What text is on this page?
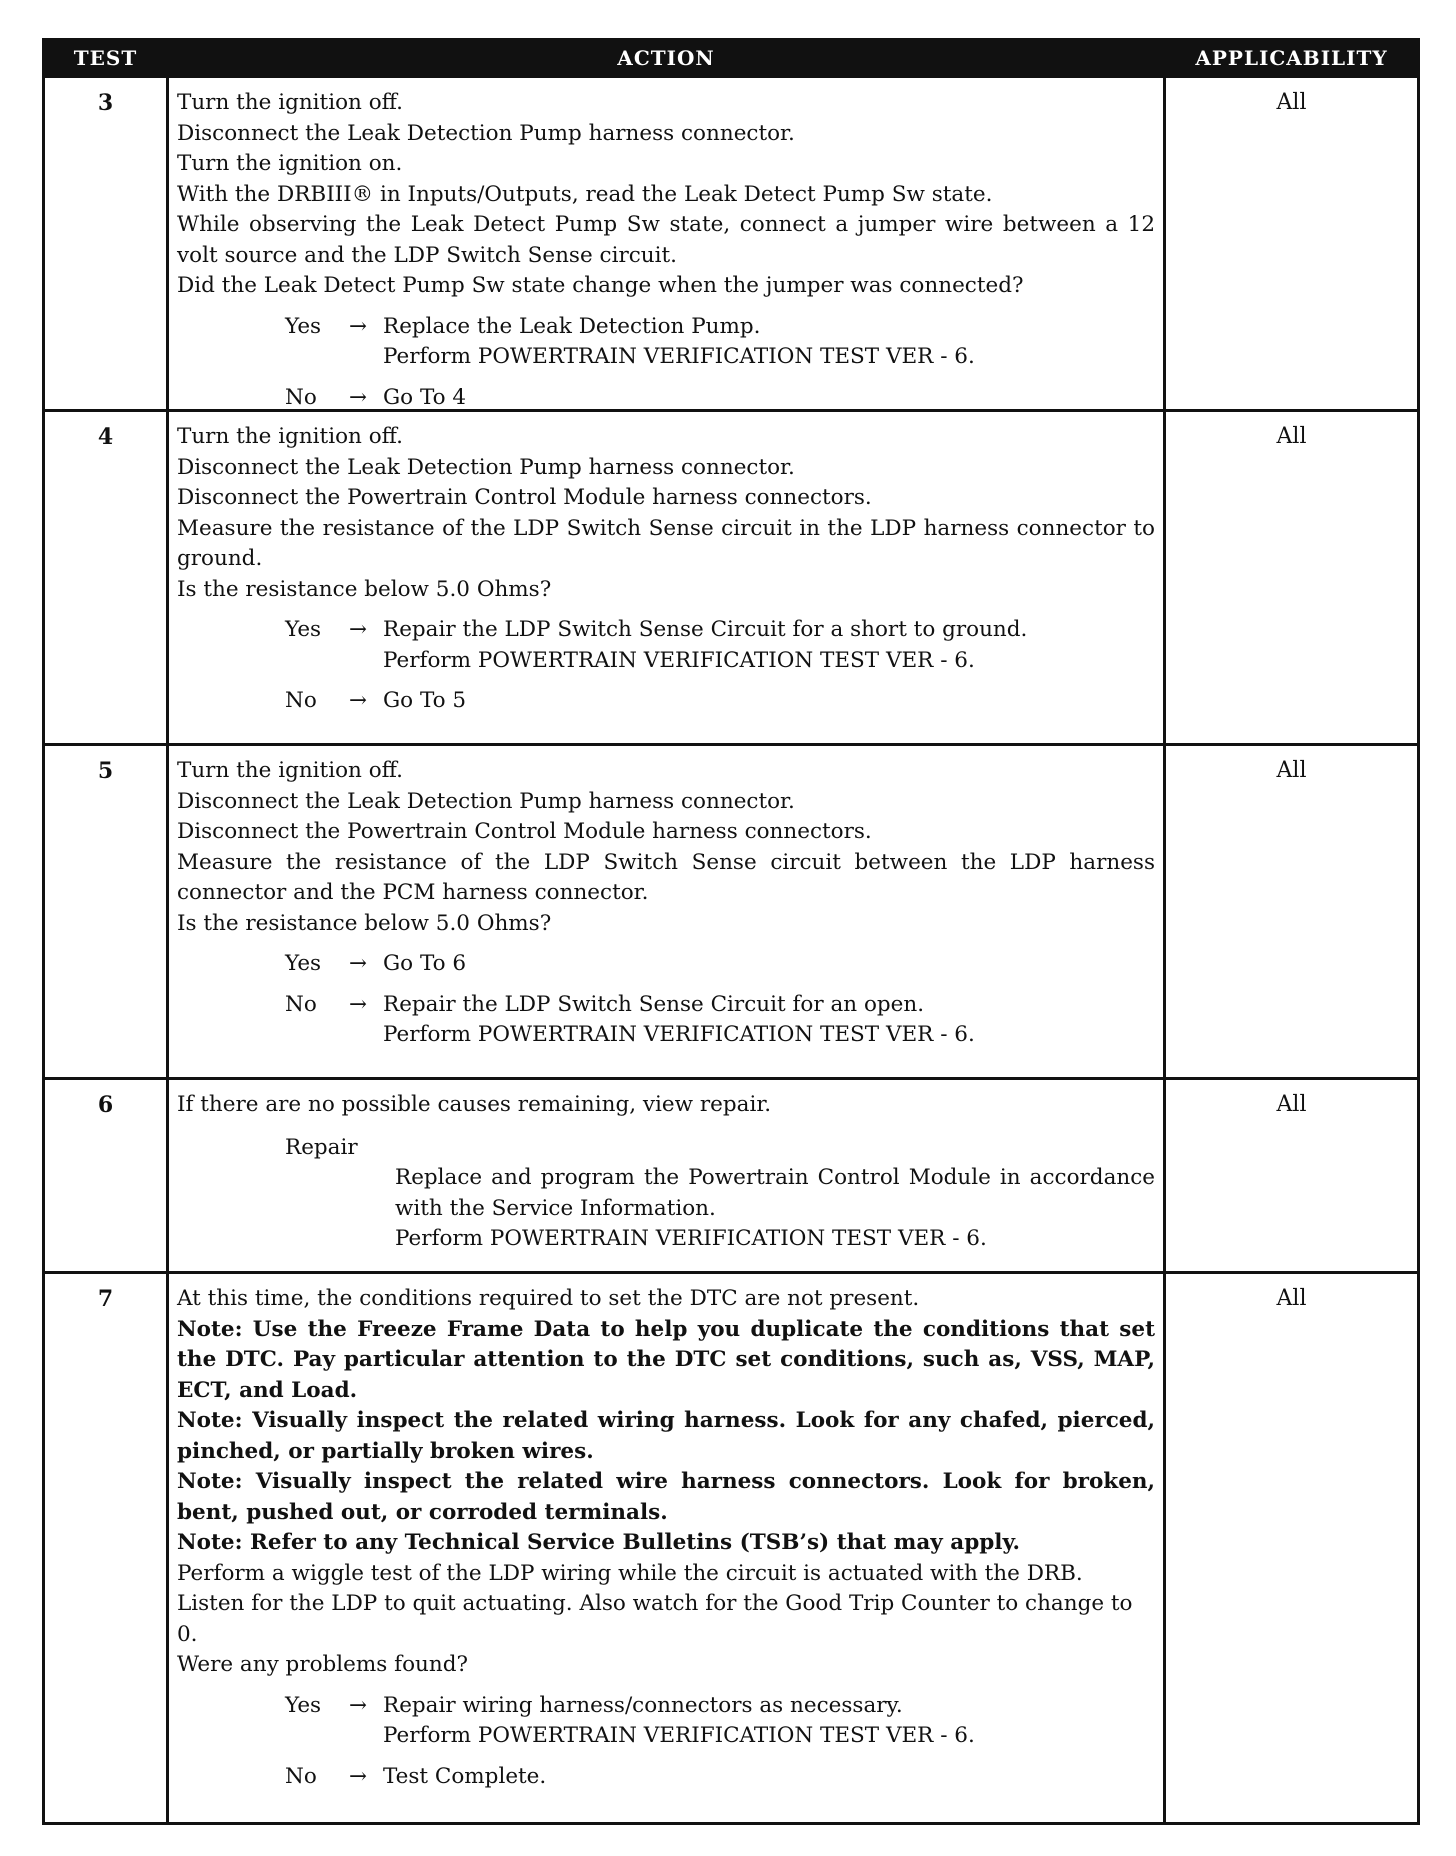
TEST	ACTION	APPLICABILITY
3	Turn the ignition off.
Disconnect the Leak Detection Pump harness connector.
Turn the ignition on.
With the DRBIII® in Inputs/Outputs, read the Leak Detect Pump Sw state.
While observing the Leak Detect Pump Sw state, connect a jumper wire between a 12 volt source and the LDP Switch Sense circuit.
Did the Leak Detect Pump Sw state change when the jumper was connected?
Yes	→ Replace the Leak Detection Pump.
Perform POWERTRAIN VERIFICATION TEST VER - 6.
No	→ Go To 4
All
4	Turn the ignition off.
Disconnect the Leak Detection Pump harness connector.
Disconnect the Powertrain Control Module harness connectors.
Measure the resistance of the LDP Switch Sense circuit in the LDP harness connector to ground.
Is the resistance below 5.0 Ohms?
Yes	→ Repair the LDP Switch Sense Circuit for a short to ground.
Perform POWERTRAIN VERIFICATION TEST VER - 6.
No	→ Go To 5
All
5	Turn the ignition off.
Disconnect the Leak Detection Pump harness connector.
Disconnect the Powertrain Control Module harness connectors.
Measure the resistance of the LDP Switch Sense circuit between the LDP harness connector and the PCM harness connector.
Is the resistance below 5.0 Ohms?
Yes	→ Go To 6
No	→ Repair the LDP Switch Sense Circuit for an open.
Perform POWERTRAIN VERIFICATION TEST VER - 6.
All
6	If there are no possible causes remaining, view repair.
Repair
Replace and program the Powertrain Control Module in accordance with the Service Information.
Perform POWERTRAIN VERIFICATION TEST VER - 6.
All
7	At this time, the conditions required to set the DTC are not present.
Note: Use the Freeze Frame Data to help you duplicate the conditions that set the DTC. Pay particular attention to the DTC set conditions, such as, VSS, MAP, ECT, and Load.
Note: Visually inspect the related wiring harness. Look for any chafed, pierced, pinched, or partially broken wires.
Note: Visually inspect the related wire harness connectors. Look for broken, bent, pushed out, or corroded terminals.
Note: Refer to any Technical Service Bulletins (TSB’s) that may apply.
Perform a wiggle test of the LDP wiring while the circuit is actuated with the DRB.
Listen for the LDP to quit actuating. Also watch for the Good Trip Counter to change to 0.
Were any problems found?
Yes	→ Repair wiring harness/connectors as necessary.
Perform POWERTRAIN VERIFICATION TEST VER - 6.
No	→ Test Complete.
All
